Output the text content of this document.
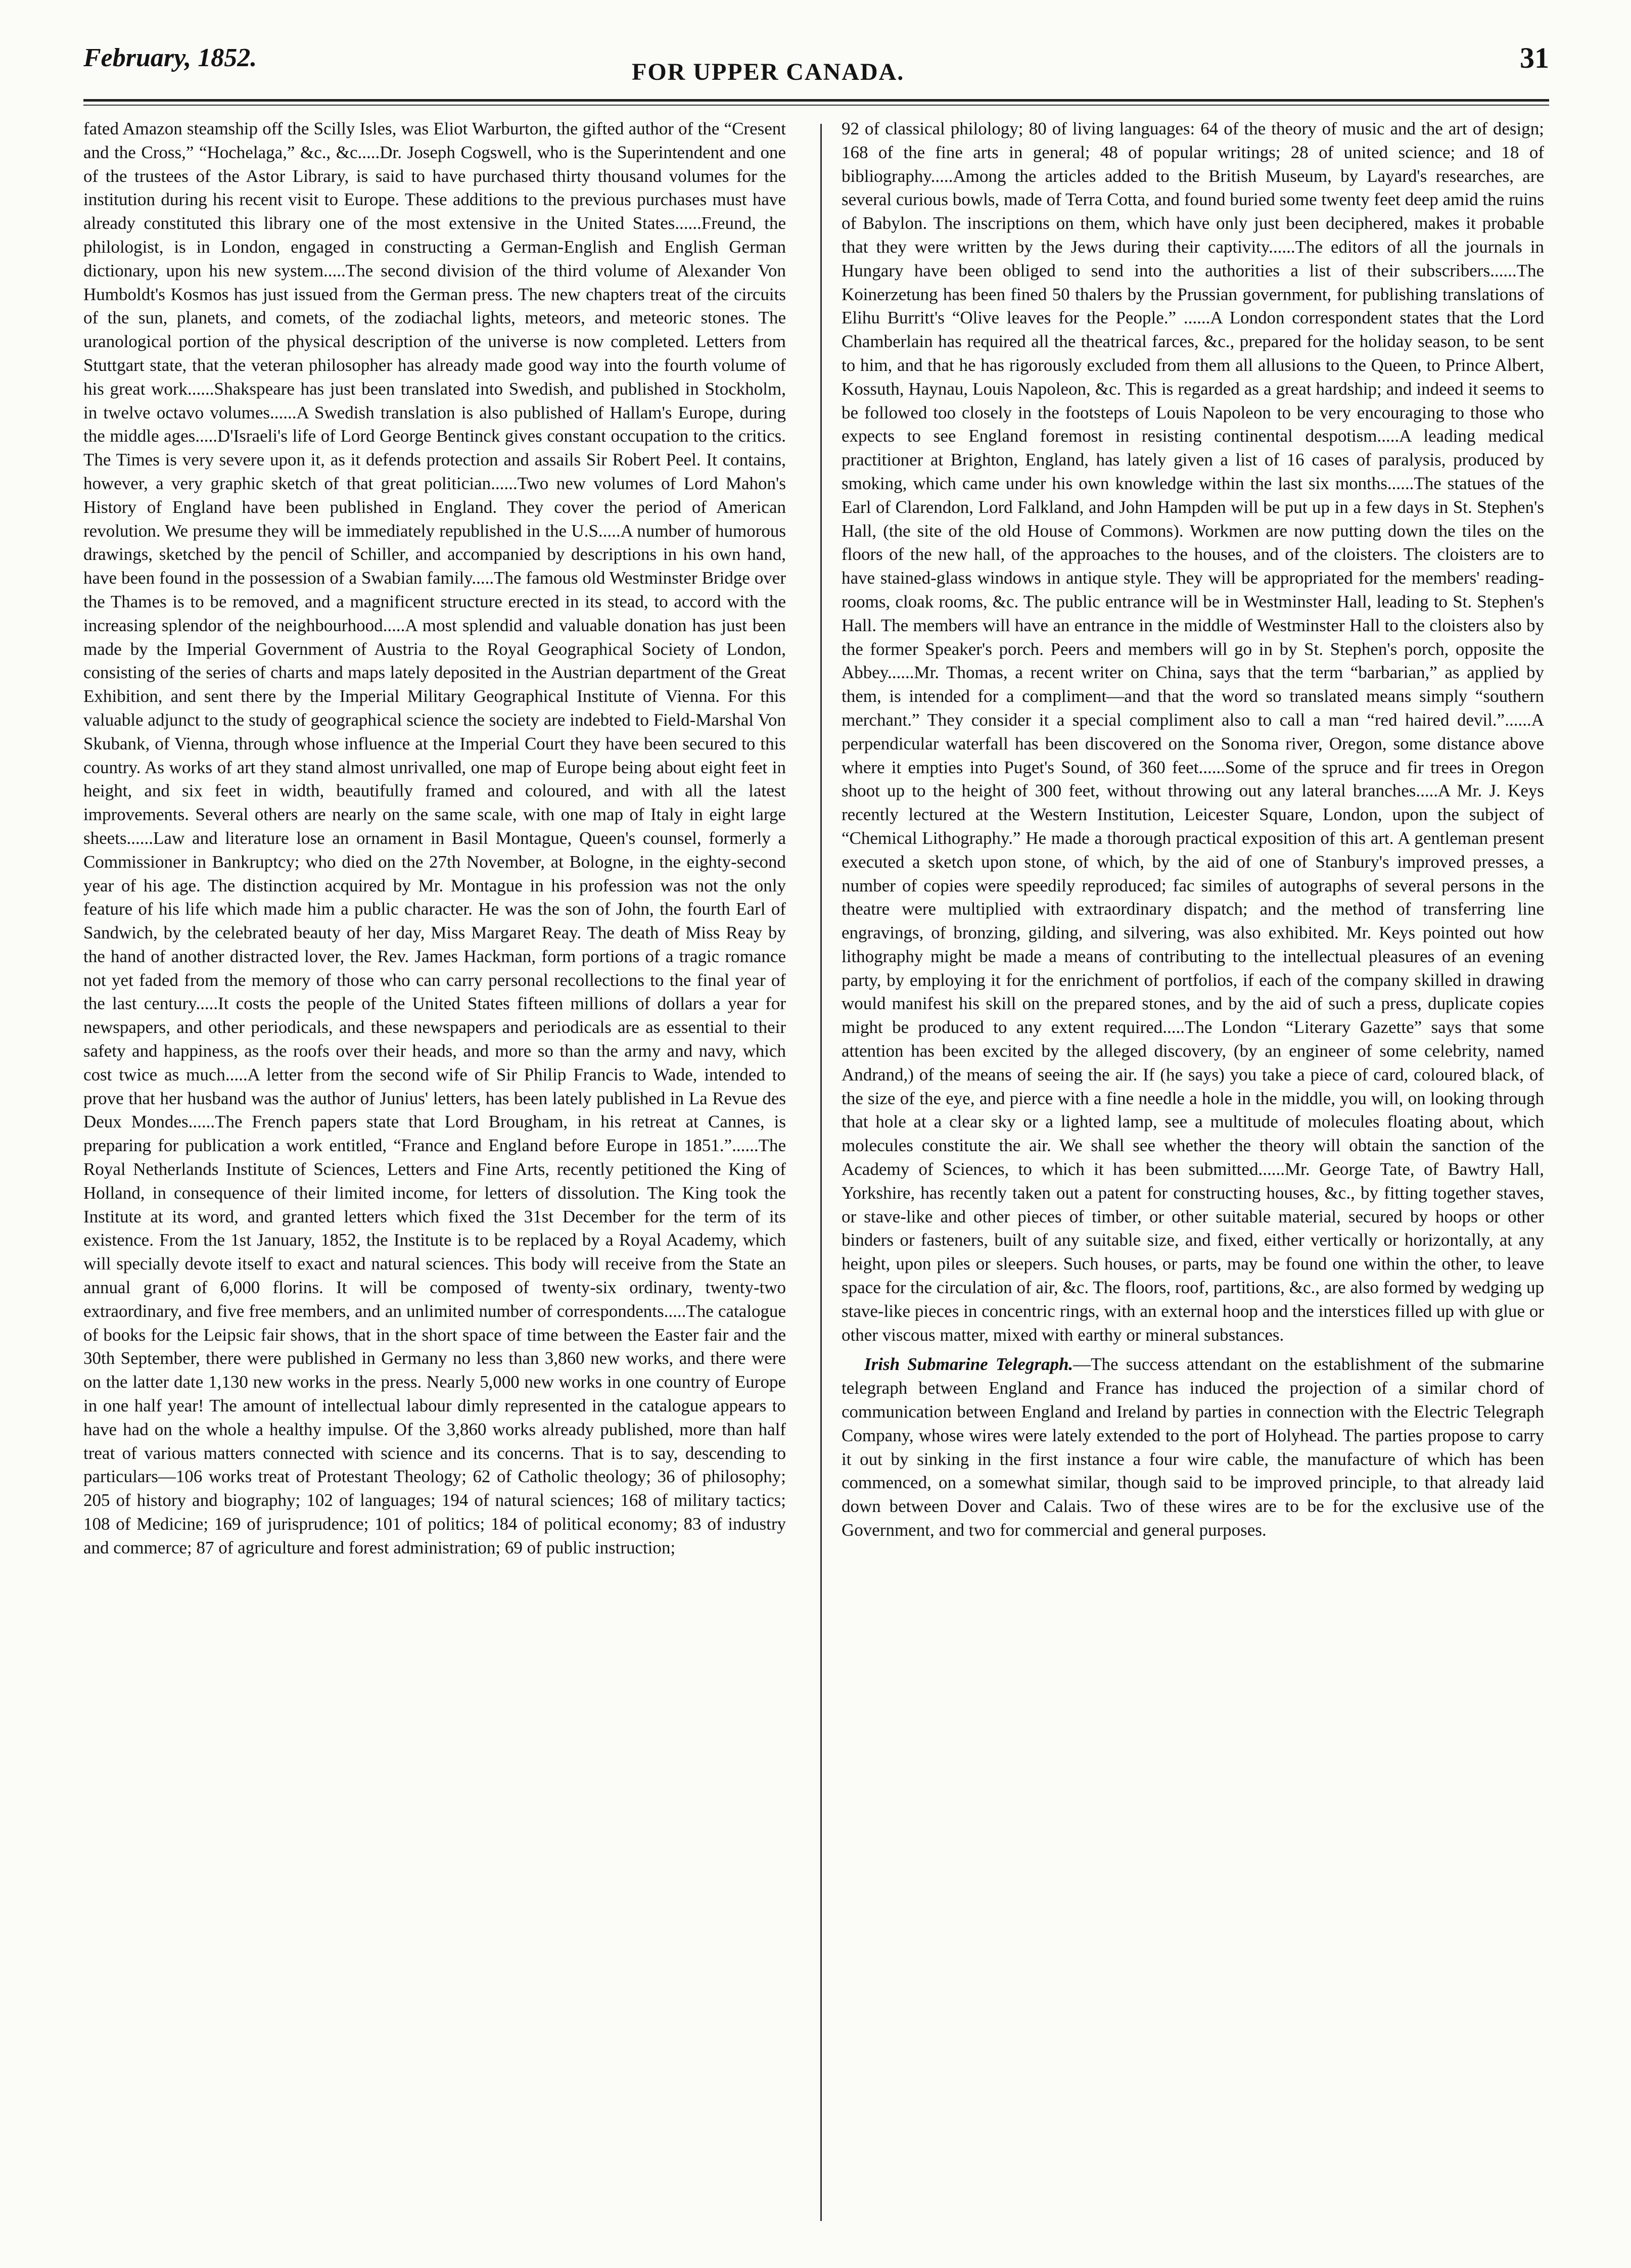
February, 1852.	FOR UPPER CANADA.	31

fated Amazon steamship off the Scilly Isles, was Eliot Warburton, the gifted author of the “Cresent and the Cross,” “Hochelaga,” &c., &c.....Dr. Joseph Cogswell, who is the Superintendent and one of the trustees of the Astor Library, is said to have purchased thirty thousand volumes for the institution during his recent visit to Europe. These additions to the previous purchases must have already constituted this library one of the most extensive in the United States......Freund, the philologist, is in London, engaged in constructing a German-English and English German dictionary, upon his new system.....The second division of the third volume of Alexander Von Humboldt's Kosmos has just issued from the German press. The new chapters treat of the circuits of the sun, planets, and comets, of the zodiachal lights, meteors, and meteoric stones. The uranological portion of the physical description of the universe is now completed. Letters from Stuttgart state, that the veteran philosopher has already made good way into the fourth volume of his great work......Shakspeare has just been translated into Swedish, and published in Stockholm, in twelve octavo volumes......A Swedish translation is also published of Hallam's Europe, during the middle ages.....D'Israeli's life of Lord George Bentinck gives constant occupation to the critics. The Times is very severe upon it, as it defends protection and assails Sir Robert Peel. It contains, however, a very graphic sketch of that great politician......Two new volumes of Lord Mahon's History of England have been published in England. They cover the period of American revolution. We presume they will be immediately republished in the U.S.....A number of humorous drawings, sketched by the pencil of Schiller, and accompanied by descriptions in his own hand, have been found in the possession of a Swabian family.....The famous old Westminster Bridge over the Thames is to be removed, and a magnificent structure erected in its stead, to accord with the increasing splendor of the neighbourhood.....A most splendid and valuable donation has just been made by the Imperial Government of Austria to the Royal Geographical Society of London, consisting of the series of charts and maps lately deposited in the Austrian department of the Great Exhibition, and sent there by the Imperial Military Geographical Institute of Vienna. For this valuable adjunct to the study of geographical science the society are indebted to Field-Marshal Von Skubank, of Vienna, through whose influence at the Imperial Court they have been secured to this country. As works of art they stand almost unrivalled, one map of Europe being about eight feet in height, and six feet in width, beautifully framed and coloured, and with all the latest improvements. Several others are nearly on the same scale, with one map of Italy in eight large sheets......Law and literature lose an ornament in Basil Montague, Queen's counsel, formerly a Commissioner in Bankruptcy; who died on the 27th November, at Bologne, in the eighty-second year of his age. The distinction acquired by Mr. Montague in his profession was not the only feature of his life which made him a public character. He was the son of John, the fourth Earl of Sandwich, by the celebrated beauty of her day, Miss Margaret Reay. The death of Miss Reay by the hand of another distracted lover, the Rev. James Hackman, form portions of a tragic romance not yet faded from the memory of those who can carry personal recollections to the final year of the last century.....It costs the people of the United States fifteen millions of dollars a year for newspapers, and other periodicals, and these newspapers and periodicals are as essential to their safety and happiness, as the roofs over their heads, and more so than the army and navy, which cost twice as much.....A letter from the second wife of Sir Philip Francis to Wade, intended to prove that her husband was the author of Junius' letters, has been lately published in La Revue des Deux Mondes......The French papers state that Lord Brougham, in his retreat at Cannes, is preparing for publication a work entitled, “France and England before Europe in 1851.”......The Royal Netherlands Institute of Sciences, Letters and Fine Arts, recently petitioned the King of Holland, in consequence of their limited income, for letters of dissolution. The King took the Institute at its word, and granted letters which fixed the 31st December for the term of its existence. From the 1st January, 1852, the Institute is to be replaced by a Royal Academy, which will specially devote itself to exact and natural sciences. This body will receive from the State an annual grant of 6,000 florins. It will be composed of twenty-six ordinary, twenty-two extraordinary, and five free members, and an unlimited number of correspondents.....The catalogue of books for the Leipsic fair shows, that in the short space of time between the Easter fair and the 30th September, there were published in Germany no less than 3,860 new works, and there were on the latter date 1,130 new works in the press. Nearly 5,000 new works in one country of Europe in one half year! The amount of intellectual labour dimly represented in the catalogue appears to have had on the whole a healthy impulse. Of the 3,860 works already published, more than half treat of various matters connected with science and its concerns. That is to say, descending to particulars—106 works treat of Protestant Theology; 62 of Catholic theology; 36 of philosophy; 205 of history and biography; 102 of languages; 194 of natural sciences; 168 of military tactics; 108 of Medicine; 169 of jurisprudence; 101 of politics; 184 of political economy; 83 of industry and commerce; 87 of agriculture and forest administration; 69 of public instruction;

92 of classical philology; 80 of living languages: 64 of the theory of music and the art of design; 168 of the fine arts in general; 48 of popular writings; 28 of united science; and 18 of bibliography.....Among the articles added to the British Museum, by Layard's researches, are several curious bowls, made of Terra Cotta, and found buried some twenty feet deep amid the ruins of Babylon. The inscriptions on them, which have only just been deciphered, makes it probable that they were written by the Jews during their captivity......The editors of all the journals in Hungary have been obliged to send into the authorities a list of their subscribers......The Koinerzetung has been fined 50 thalers by the Prussian government, for publishing translations of Elihu Burritt's “Olive leaves for the People.” ......A London correspondent states that the Lord Chamberlain has required all the theatrical farces, &c., prepared for the holiday season, to be sent to him, and that he has rigorously excluded from them all allusions to the Queen, to Prince Albert, Kossuth, Haynau, Louis Napoleon, &c. This is regarded as a great hardship; and indeed it seems to be followed too closely in the footsteps of Louis Napoleon to be very encouraging to those who expects to see England foremost in resisting continental despotism.....A leading medical practitioner at Brighton, England, has lately given a list of 16 cases of paralysis, produced by smoking, which came under his own knowledge within the last six months......The statues of the Earl of Clarendon, Lord Falkland, and John Hampden will be put up in a few days in St. Stephen's Hall, (the site of the old House of Commons). Workmen are now putting down the tiles on the floors of the new hall, of the approaches to the houses, and of the cloisters. The cloisters are to have stained-glass windows in antique style. They will be appropriated for the members' reading-rooms, cloak rooms, &c. The public entrance will be in Westminster Hall, leading to St. Stephen's Hall. The members will have an entrance in the middle of Westminster Hall to the cloisters also by the former Speaker's porch. Peers and members will go in by St. Stephen's porch, opposite the Abbey......Mr. Thomas, a recent writer on China, says that the term “barbarian,” as applied by them, is intended for a compliment—and that the word so translated means simply “southern merchant.” They consider it a special compliment also to call a man “red haired devil.”......A perpendicular waterfall has been discovered on the Sonoma river, Oregon, some distance above where it empties into Puget's Sound, of 360 feet......Some of the spruce and fir trees in Oregon shoot up to the height of 300 feet, without throwing out any lateral branches.....A Mr. J. Keys recently lectured at the Western Institution, Leicester Square, London, upon the subject of “Chemical Lithography.” He made a thorough practical exposition of this art. A gentleman present executed a sketch upon stone, of which, by the aid of one of Stanbury's improved presses, a number of copies were speedily reproduced; fac similes of autographs of several persons in the theatre were multiplied with extraordinary dispatch; and the method of transferring line engravings, of bronzing, gilding, and silvering, was also exhibited. Mr. Keys pointed out how lithography might be made a means of contributing to the intellectual pleasures of an evening party, by employing it for the enrichment of portfolios, if each of the company skilled in drawing would manifest his skill on the prepared stones, and by the aid of such a press, duplicate copies might be produced to any extent required.....The London “Literary Gazette” says that some attention has been excited by the alleged discovery, (by an engineer of some celebrity, named Andrand,) of the means of seeing the air. If (he says) you take a piece of card, coloured black, of the size of the eye, and pierce with a fine needle a hole in the middle, you will, on looking through that hole at a clear sky or a lighted lamp, see a multitude of molecules floating about, which molecules constitute the air. We shall see whether the theory will obtain the sanction of the Academy of Sciences, to which it has been submitted......Mr. George Tate, of Bawtry Hall, Yorkshire, has recently taken out a patent for constructing houses, &c., by fitting together staves, or stave-like and other pieces of timber, or other suitable material, secured by hoops or other binders or fasteners, built of any suitable size, and fixed, either vertically or horizontally, at any height, upon piles or sleepers. Such houses, or parts, may be found one within the other, to leave space for the circulation of air, &c. The floors, roof, partitions, &c., are also formed by wedging up stave-like pieces in concentric rings, with an external hoop and the interstices filled up with glue or other viscous matter, mixed with earthy or mineral substances.

Irish Submarine Telegraph.—The success attendant on the establishment of the submarine telegraph between England and France has induced the projection of a similar chord of communication between England and Ireland by parties in connection with the Electric Telegraph Company, whose wires were lately extended to the port of Holyhead. The parties propose to carry it out by sinking in the first instance a four wire cable, the manufacture of which has been commenced, on a somewhat similar, though said to be improved principle, to that already laid down between Dover and Calais. Two of these wires are to be for the exclusive use of the Government, and two for commercial and general purposes.
